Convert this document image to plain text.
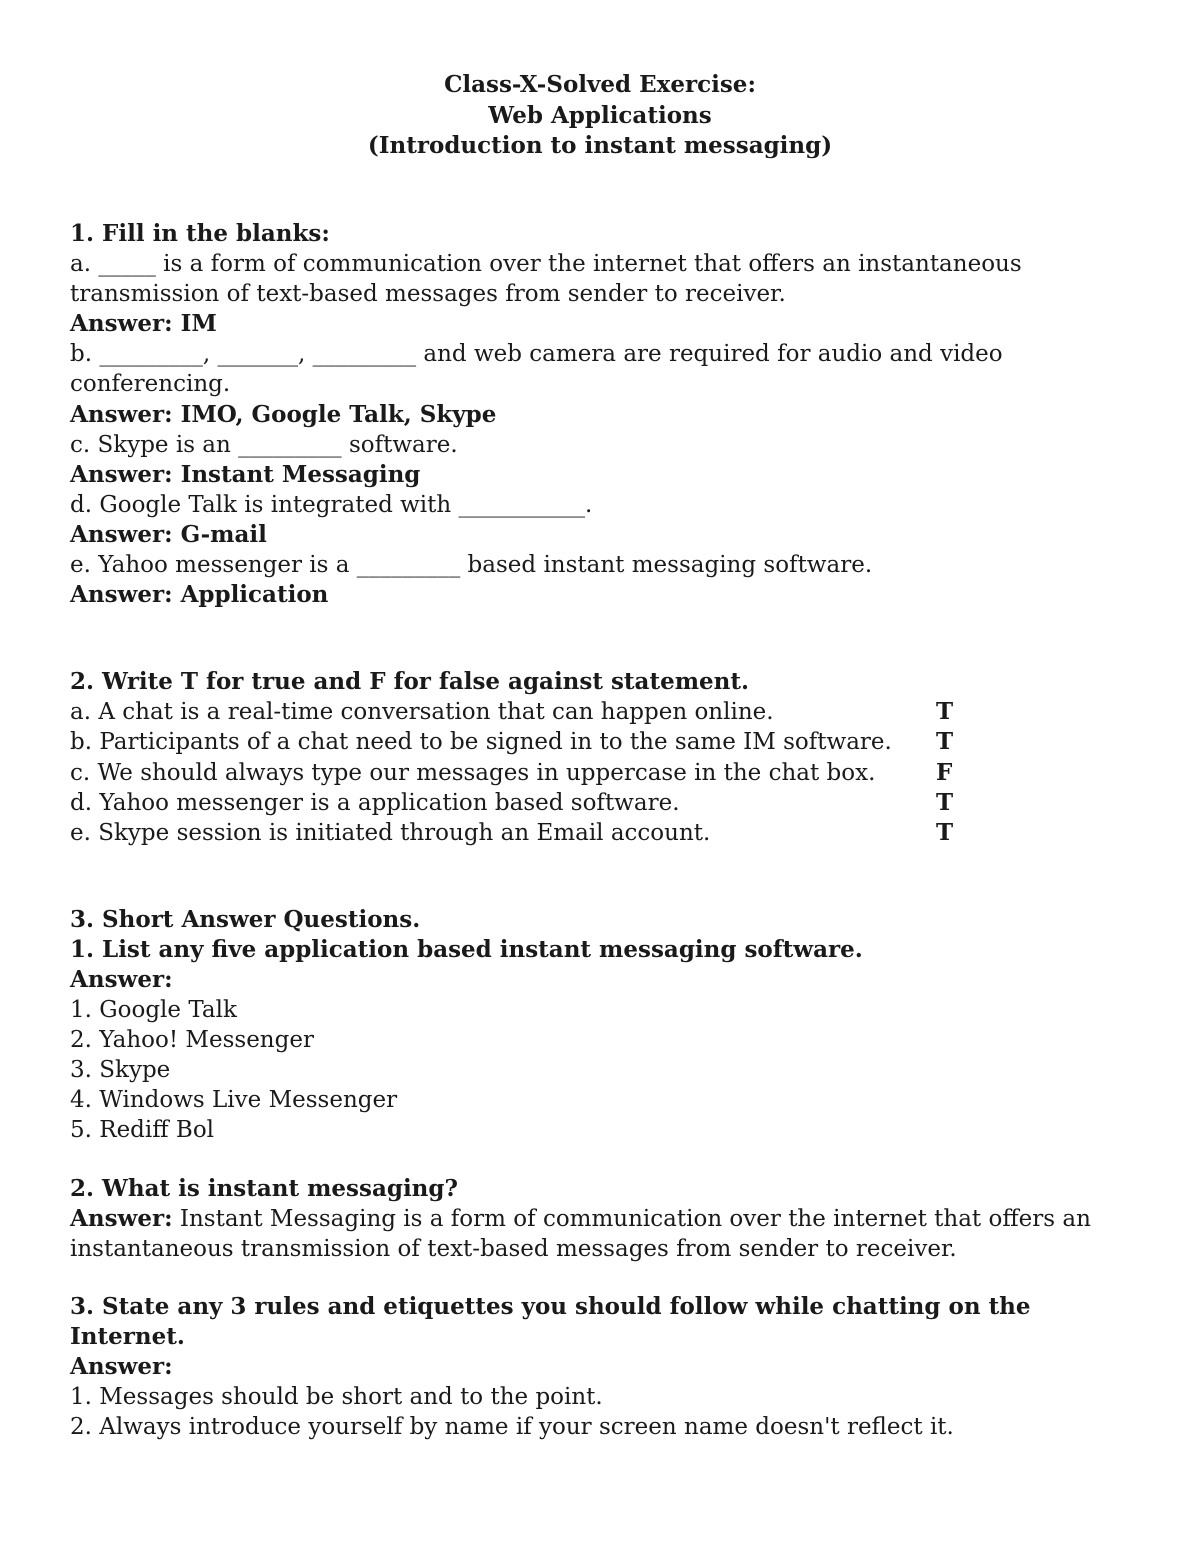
Class-X-Solved Exercise:
Web Applications
(Introduction to instant messaging)
1. Fill in the blanks:
a. _____ is a form of communication over the internet that offers an instantaneous transmission of text-based messages from sender to receiver.
Answer: IM
b. _________, _______, _________ and web camera are required for audio and video conferencing.
Answer: IMO, Google Talk, Skype
c. Skype is an _________ software.
Answer: Instant Messaging
d. Google Talk is integrated with ___________.
Answer: G-mail
e. Yahoo messenger is a _________ based instant messaging software.
Answer: Application
2. Write T for true and F for false against statement.
a. A chat is a real-time conversation that can happen online.	T
b. Participants of a chat need to be signed in to the same IM software. T
c. We should always type our messages in uppercase in the chat box.	F
d. Yahoo messenger is a application based software.	T
e. Skype session is initiated through an Email account.	T
3. Short Answer Questions.
1. List any five application based instant messaging software.
Answer:
1. Google Talk
2. Yahoo! Messenger
3. Skype
4. Windows Live Messenger
5. Rediff Bol
2. What is instant messaging?
Answer: Instant Messaging is a form of communication over the internet that offers an instantaneous transmission of text-based messages from sender to receiver.
3. State any 3 rules and etiquettes you should follow while chatting on the Internet.
Answer:
1. Messages should be short and to the point.
2. Always introduce yourself by name if your screen name doesn't reflect it.
